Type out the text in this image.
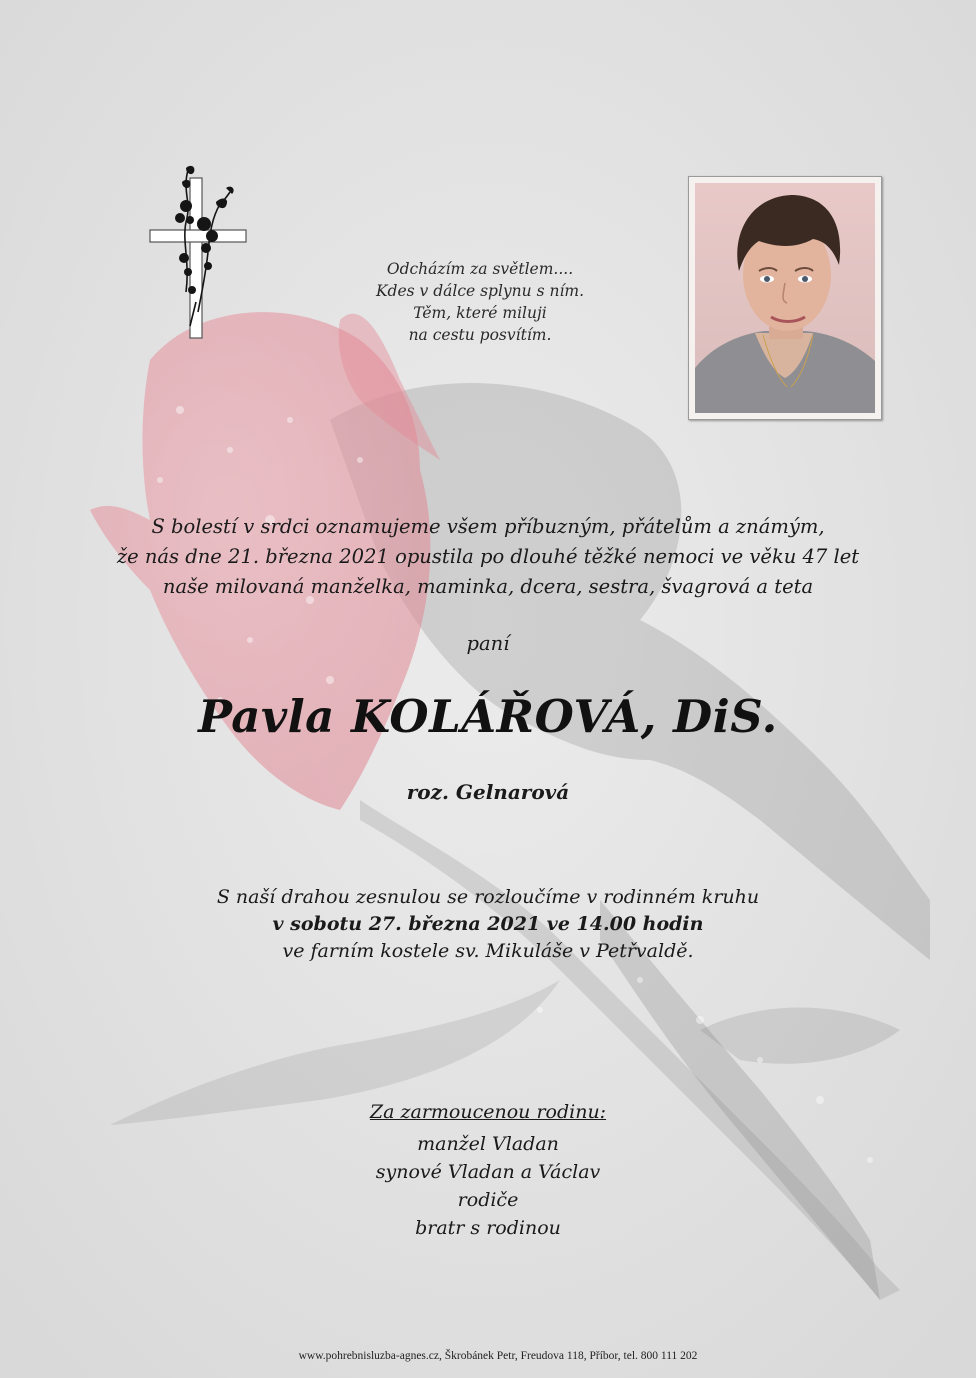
Odcházím za světlem....
Kdes v dálce splynu s ním.
Těm, které miluji
na cestu posvítím.
S bolestí v srdci oznamujeme všem příbuzným, přátelům a známým,
že nás dne 21. března 2021 opustila po dlouhé těžké nemoci ve věku 47 let
naše milovaná manželka, maminka, dcera, sestra, švagrová a teta
paní
Pavla KOLÁŘOVÁ, DiS.
roz. Gelnarová
S naší drahou zesnulou se rozloučíme v rodinném kruhu
v sobotu 27. března 2021 ve 14.00 hodin
ve farním kostele sv. Mikuláše v Petřvaldě.
Za zarmoucenou rodinu:
manžel Vladan
synové Vladan a Václav
rodiče
bratr s rodinou
www.pohrebnisluzba-agnes.cz, Škrobánek Petr, Freudova 118, Příbor, tel. 800 111 202
